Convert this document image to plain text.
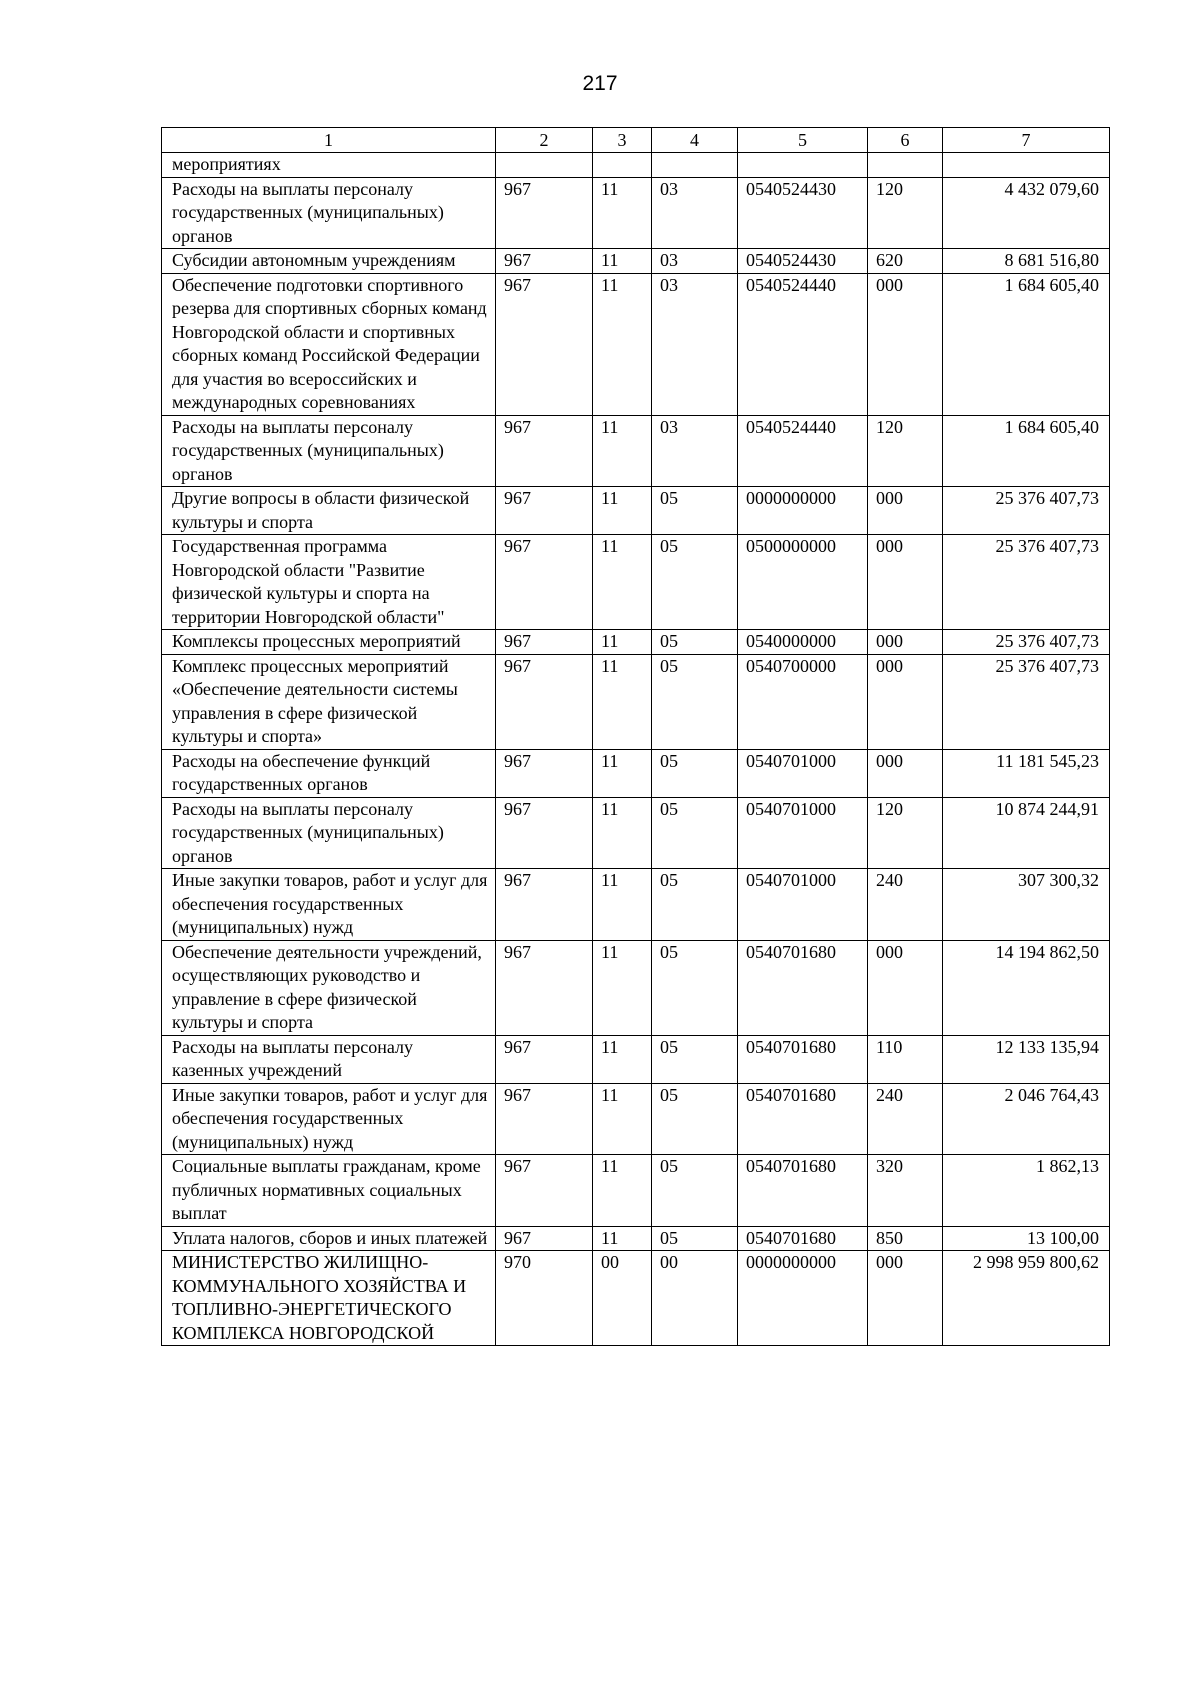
217
1	2	3	4	5	6	7
мероприятиях						
Расходы на выплаты персоналу государственных (муниципальных) органов	967	11	03	0540524430	120	4 432 079,60
Субсидии автономным учреждениям	967	11	03	0540524430	620	8 681 516,80
Обеспечение подготовки спортивного резерва для спортивных сборных команд Новгородской области и спортивных сборных команд Российской Федерации для участия во всероссийских и международных соревнованиях	967	11	03	0540524440	000	1 684 605,40
Расходы на выплаты персоналу государственных (муниципальных) органов	967	11	03	0540524440	120	1 684 605,40
Другие вопросы в области физической культуры и спорта	967	11	05	0000000000	000	25 376 407,73
Государственная программа Новгородской области "Развитие физической культуры и спорта на территории Новгородской области"	967	11	05	0500000000	000	25 376 407,73
Комплексы процессных мероприятий	967	11	05	0540000000	000	25 376 407,73
Комплекс процессных мероприятий «Обеспечение деятельности системы управления в сфере физической культуры и спорта»	967	11	05	0540700000	000	25 376 407,73
Расходы на обеспечение функций государственных органов	967	11	05	0540701000	000	11 181 545,23
Расходы на выплаты персоналу государственных (муниципальных) органов	967	11	05	0540701000	120	10 874 244,91
Иные закупки товаров, работ и услуг для обеспечения государственных (муниципальных) нужд	967	11	05	0540701000	240	307 300,32
Обеспечение деятельности учреждений, осуществляющих руководство и управление в сфере физической культуры и спорта	967	11	05	0540701680	000	14 194 862,50
Расходы на выплаты персоналу казенных учреждений	967	11	05	0540701680	110	12 133 135,94
Иные закупки товаров, работ и услуг для обеспечения государственных (муниципальных) нужд	967	11	05	0540701680	240	2 046 764,43
Социальные выплаты гражданам, кроме публичных нормативных социальных выплат	967	11	05	0540701680	320	1 862,13
Уплата налогов, сборов и иных платежей	967	11	05	0540701680	850	13 100,00
МИНИСТЕРСТВО ЖИЛИЩНО-КОММУНАЛЬНОГО ХОЗЯЙСТВА И ТОПЛИВНО-ЭНЕРГЕТИЧЕСКОГО КОМПЛЕКСА НОВГОРОДСКОЙ	970	00	00	0000000000	000	2 998 959 800,62
